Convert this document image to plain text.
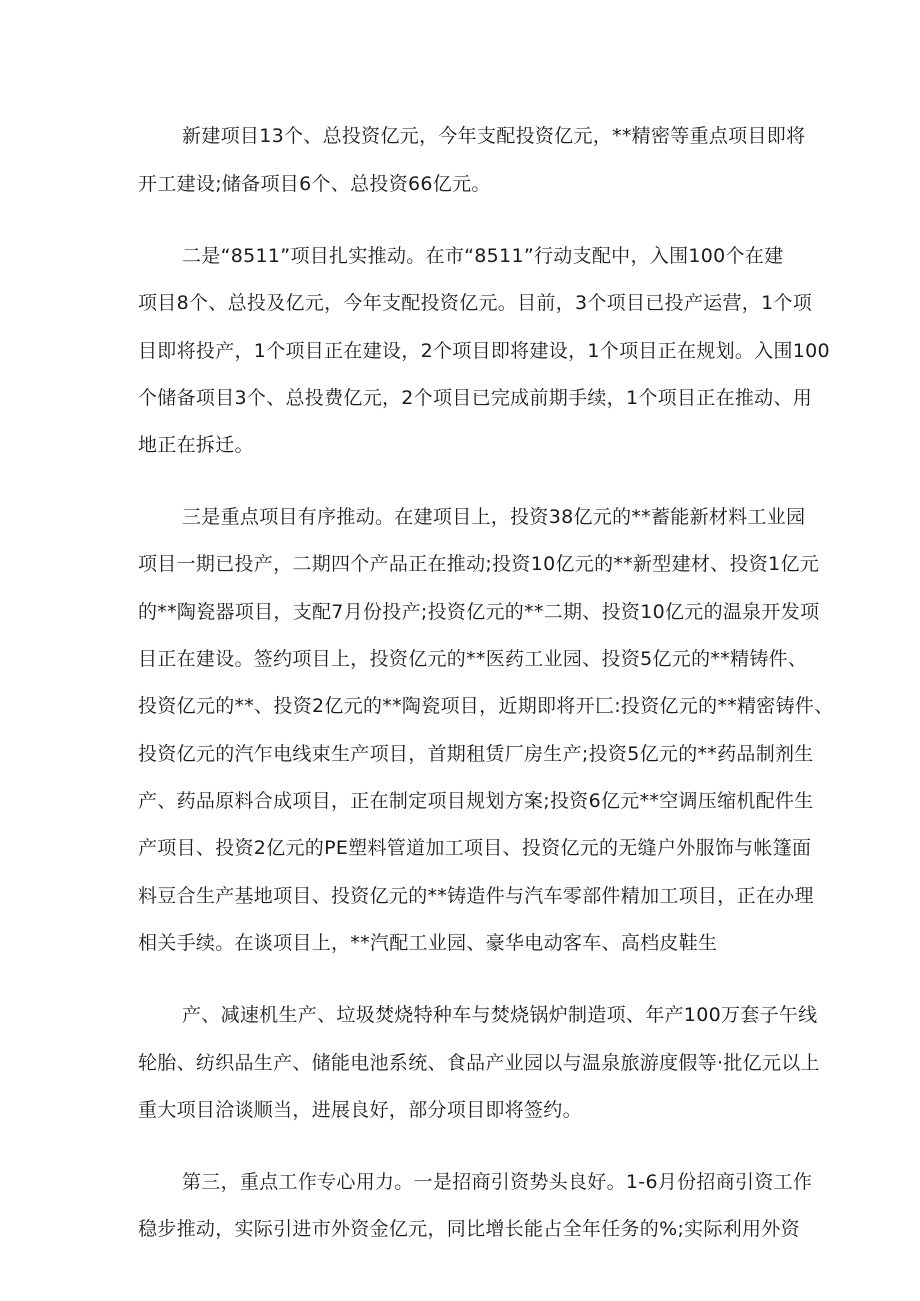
新建项目13个、总投资亿元，今年支配投资亿元，**精密等重点项目即将

开工建设;储备项目6个、总投资66亿元。

二是“8511”项目扎实推动。在市“8511”行动支配中，入围100个在建

项目8个、总投及亿元，今年支配投资亿元。目前，3个项目已投产运营，1个项

目即将投产，1个项目正在建设，2个项目即将建设，1个项目正在规划。入围100

个储备项目3个、总投费亿元，2个项目已完成前期手续，1个项目正在推动、用

地正在拆迁。

三是重点项目有序推动。在建项目上，投资38亿元的**蓄能新材料工业园

项目一期已投产，二期四个产品正在推动;投资10亿元的**新型建材、投资1亿元

的**陶瓷器项目，支配7月份投产;投资亿元的**二期、投资10亿元的温泉开发项

目正在建设。签约项目上，投资亿元的**医药工业园、投资5亿元的**精铸件、

投资亿元的**、投资2亿元的**陶瓷项目，近期即将开匚:投资亿元的**精密铸件、

投资亿元的汽乍电线束生产项目，首期租赁厂房生产;投资5亿元的**药品制剂生

产、药品原料合成项目，正在制定项目规划方案;投资6亿元**空调压缩机配件生

产项目、投资2亿元的PE塑料管道加工项目、投资亿元的无缝户外服饰与帐篷面

料豆合生产基地项目、投资亿元的**铸造件与汽车零部件精加工项目，正在办理

相关手续。在谈项目上，**汽配工业园、豪华电动客车、高档皮鞋生

产、减速机生产、垃圾焚烧特种车与焚烧锅炉制造项、年产100万套子午线

轮胎、纺织品生产、储能电池系统、食品产业园以与温泉旅游度假等·批亿元以上

重大项目洽谈顺当，进展良好，部分项目即将签约。

第三，重点工作专心用力。一是招商引资势头良好。1-6月份招商引资工作

稳步推动，实际引进市外资金亿元，同比增长能占全年任务的%;实际利用外资
